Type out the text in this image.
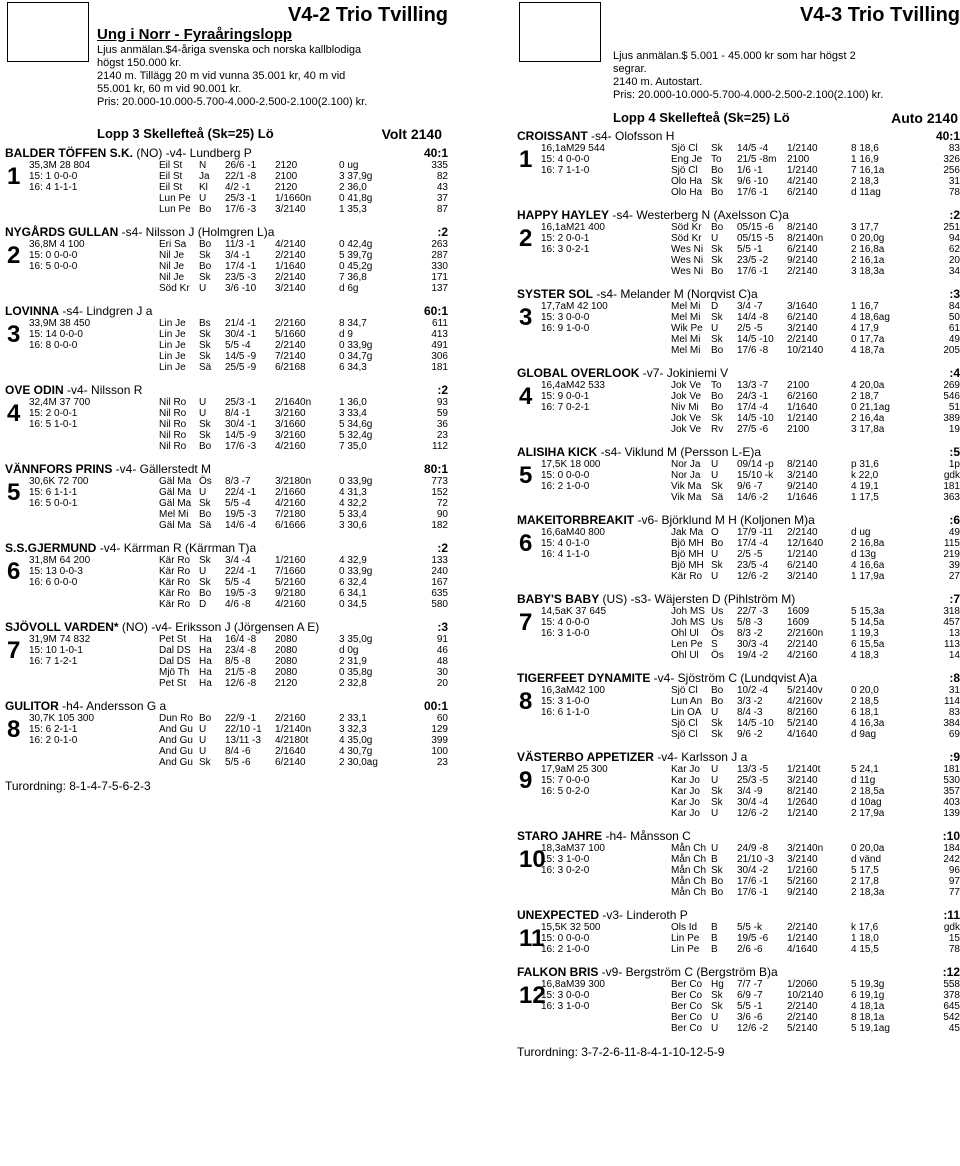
V4-2 Trio Tvilling
Ung i Norr - Fyraåringslopp
Ljus anmälan.$4-åriga svenska och norska kallblodiga
högst 150.000 kr.
2140 m. Tillägg 20 m vid vunna 35.001 kr, 40 m vid
55.001 kr, 60 m vid 90.001 kr.
Pris: 20.000-10.000-5.700-4.000-2.500-2.100(2.100) kr.
Lopp 3 Skellefteå (Sk=25) Lö	Volt 2140
BALDER TÖFFEN S.K. (NO) -v4- Lundberg P	40:1
1 35,3M 28 804	Eil St N 26/6 -1 2120	0 ug	335
15: 1 0-0-0	Eil St Ja 22/1 -8 2100	3 37,9g	82
16: 4 1-1-1	Eil St Kl 4/2 -1 2120	2 36,0	43
Lun Pe U 25/3 -1 1/1660n	0 41,8g	37
Lun Pe Bo 17/6 -3 3/2140	1 35,3	87
NYGÅRDS GULLAN -s4- Nilsson J (Holmgren L)a	:2
2 36,8M 4 100	Eri Sa Bo 11/3 -1 4/2140	0 42,4g	263
15: 0 0-0-0	Nil Je Sk 3/4 -1 2/2140	5 39,7g	287
16: 5 0-0-0	Nil Je Bo 17/4 -1 1/1640	0 45,2g	330
Nil Je Sk 23/5 -3 2/2140	7 36,8	171
Söd Kr U 3/6 -10 3/2140	d 6g	137
LOVINNA -s4- Lindgren J a	60:1
3 33,9M 38 450	Lin Je Bs 21/4 -1 2/2160	8 34,7	611
15: 14 0-0-0	Lin Je Sk 30/4 -1 5/1660	d 9	413
16: 8 0-0-0	Lin Je Sk 5/5 -4 2/2140	0 33,9g	491
Lin Je Sk 14/5 -9 7/2140	0 34,7g	306
Lin Je Sä 25/5 -9 6/2168	6 34,3	181
OVE ODIN -v4- Nilsson R	:2
4 32,4M 37 700	Nil Ro U 25/3 -1 2/1640n	1 36,0	93
15: 2 0-0-1	Nil Ro U 8/4 -1 3/2160	3 33,4	59
16: 5 1-0-1	Nil Ro Sk 30/4 -1 3/1660	5 34,6g	36
Nil Ro Sk 14/5 -9 3/2160	5 32,4g	23
Nil Ro Bo 17/6 -3 4/2160	7 35,0	112
VÄNNFORS PRINS -v4- Gällerstedt M	80:1
5 30,6K 72 700	Gäl Ma Ös 8/3 -7 3/2180n	0 33,9g	773
15: 6 1-1-1	Gäl Ma U 22/4 -1 2/1660	4 31,3	152
16: 5 0-0-1	Gäl Ma Sk 5/5 -4 4/2160	4 32,2	72
Mel Mi Bo 19/5 -3 7/2180	5 33,4	90
Gäl Ma Sä 14/6 -4 6/1666	3 30,6	182
S.S.GJERMUND -v4- Kärrman R (Kärrman T)a	:2
6 31,8M 64 200	Kär Ro Sk 3/4 -4 1/2160	4 32,9	133
15: 13 0-0-3	Kär Ro U 22/4 -1 7/1660	0 33,9g	240
16: 6 0-0-0	Kär Ro Sk 5/5 -4 5/2160	6 32,4	167
Kär Ro Bo 19/5 -3 9/2180	6 34,1	635
Kär Ro D 4/6 -8 4/2160	0 34,5	580
SJÖVOLL VARDEN* (NO) -v4- Eriksson J (Jörgensen A E)	:3
7 31,9M 74 832	Pet St Ha 16/4 -8 2080	3 35,0g	91
15: 10 1-0-1	Dal DS Ha 23/4 -8 2080	d 0g	46
16: 7 1-2-1	Dal DS Ha 8/5 -8 2080	2 31,9	48
Mjö Th Ha 21/5 -8 2080	0 35,8g	30
Pet St Ha 12/6 -8 2120	2 32,8	20
GULITOR -h4- Andersson G a	00:1
8 30,7K 105 300	Dun Ro Bo 22/9 -1 2/2160	2 33,1	60
15: 6 2-1-1	And Gu U 22/10 -1 1/2140n	3 32,3	129
16: 2 0-1-0	And Gu U 13/11 -3 4/2180t	4 35,0g	399
And Gu U 8/4 -6 2/1640	4 30,7g	100
And Gu Sk 5/5 -6 6/2140	2 30,0ag	23
Turordning: 8-1-4-7-5-6-2-3
V4-3 Trio Tvilling
Ljus anmälan.$ 5.001 - 45.000 kr som har högst 2
segrar.
2140 m. Autostart.
Pris: 20.000-10.000-5.700-4.000-2.500-2.100(2.100) kr.
Lopp 4 Skellefteå (Sk=25) Lö	Auto 2140
CROISSANT -s4- Olofsson H	40:1
1 16,1aM29 544	Sjö Cl Sk 14/5 -4 1/2140	8 18,6	83
15: 4 0-0-0	Eng Je To 21/5 -8m 2100	1 16,9	326
16: 7 1-1-0	Sjö Cl Bo 1/6 -1 1/2140	7 16,1a	256
Olo Ha Sk 9/6 -10 4/2140	2 18,3	31
Olo Ha Bo 17/6 -1 6/2140	d 11ag	78
HAPPY HAYLEY -s4- Westerberg N (Axelsson C)a	:2
2 16,1aM21 400	Söd Kr Bo 05/15 -6 8/2140	3 17,7	251
15: 2 0-0-1	Söd Kr U 05/15 -5 8/2140n	0 20,0g	94
16: 3 0-2-1	Wes Ni Sk 5/5 -1 6/2140	2 16,8a	62
Wes Ni Sk 23/5 -2 9/2140	2 16,1a	20
Wes Ni Bo 17/6 -1 2/2140	3 18,3a	34
SYSTER SOL -s4- Melander M (Norqvist C)a	:3
3 17,7aM 42 100	Mel Mi D 3/4 -7 3/1640	1 16,7	84
15: 3 0-0-0	Mel Mi Sk 14/4 -8 6/2140	4 18,6ag	50
16: 9 1-0-0	Wik Pe U 2/5 -5 3/2140	4 17,9	61
Mel Mi Sk 14/5 -10 2/2140	0 17,7a	49
Mel Mi Bo 17/6 -8 10/2140	4 18,7a	205
GLOBAL OVERLOOK -v7- Jokiniemi V	:4
4 16,4aM42 533	Jok Ve To 13/3 -7 2100	4 20,0a	269
15: 9 0-0-1	Jok Ve Bo 24/3 -1 6/2160	2 18,7	546
16: 7 0-2-1	Niv Mi Bo 17/4 -4 1/1640	0 21,1ag	51
Jok Ve Sk 14/5 -10 1/2140	2 16,4a	389
Jok Ve Rv 27/5 -6 2100	3 17,8a	19
ALISIHA KICK -s4- Viklund M (Persson L-E)a	:5
5 17,5K 18 000	Nor Ja U 09/14 -p 8/2140	p 31,6	1p
15: 0 0-0-0	Nor Ja U 15/10 -k 3/2140	k 22,0	gdk
16: 2 1-0-0	Vik Ma Sk 9/6 -7 9/2140	4 19,1	181
Vik Ma Sä 14/6 -2 1/1646	1 17,5	363
MAKEITORBREAKIT -v6- Björklund M H (Koljonen M)a	:6
6 16,6aM40 800	Jak Ma O 17/9 -11 2/2140	d ug	49
15: 4 0-1-0	Bjö MH Bo 17/4 -4 12/1640	2 16,8a	115
16: 4 1-1-0	Bjö MH U 2/5 -5 1/2140	d 13g	219
Bjö MH Sk 23/5 -4 6/2140	4 16,6a	39
Kär Ro U 12/6 -2 3/2140	1 17,9a	27
BABY'S BABY (US) -s3- Wäjersten D (Pihlström M)	:7
7 14,5aK 37 645	Joh MS Us 22/7 -3 1609	5 15,3a	318
15: 4 0-0-0	Joh MS Us 5/8 -3 1609	5 14,5a	457
16: 3 1-0-0	Ohl Ul Ös 8/3 -2 2/2160n	1 19,3	13
Len Pe S 30/3 -4 2/2140	6 15,5a	113
Ohl Ul Ös 19/4 -2 4/2160	4 18,3	14
TIGERFEET DYNAMITE -v4- Sjöström C (Lundqvist A)a	:8
8 16,3aM42 100	Sjö Cl Bo 10/2 -4 5/2140v	0 20,0	31
15: 3 1-0-0	Lun An Bo 3/3 -2 4/2160v	2 18,5	114
16: 6 1-1-0	Lin OA U 8/4 -3 8/2160	6 18,1	83
Sjö Cl Sk 14/5 -10 5/2140	4 16,3a	384
Sjö Cl Sk 9/6 -2 4/1640	d 9ag	69
VÄSTERBO APPETIZER -v4- Karlsson J a	:9
9 17,9aM 25 300	Kar Jo U 13/3 -5 1/2140t	5 24,1	181
15: 7 0-0-0	Kar Jo U 25/3 -5 3/2140	d 11g	530
16: 5 0-2-0	Kar Jo Sk 3/4 -9 8/2140	2 18,5a	357
Kar Jo Sk 30/4 -4 1/2640	d 10ag	403
Kar Jo U 12/6 -2 1/2140	2 17,9a	139
STARO JAHRE -h4- Månsson C	:10
10
18,3aM37 100	Mån Ch U 24/9 -8 3/2140n	0 20,0a	184
15: 3 1-0-0	Mån Ch B 21/10 -3 3/2140	d vänd	242
16: 3 0-2-0	Mån Ch Sk 30/4 -2 1/2160	5 17,5	96
Mån Ch Bo 17/6 -1 5/2160	2 17,8	97
Mån Ch Bo 17/6 -1 9/2140	2 18,3a	77
UNEXPECTED -v3- Linderoth P	:11
11
15,5K 32 500	Ols Id B 5/5 -k 2/2140	k 17,6	gdk
15: 0 0-0-0	Lin Pe B 19/5 -6 1/2140	1 18,0	15
16: 2 1-0-0	Lin Pe B 2/6 -6 4/1640	4 15,5	78
FALKON BRIS -v9- Bergström C (Bergström B)a	:12
12
16,8aM39 300	Ber Co Hg 7/7 -7 1/2060	5 19,3g	558
15: 3 0-0-0	Ber Co Sk 6/9 -7 10/2140	6 19,1g	378
16: 3 1-0-0	Ber Co Sk 5/5 -1 2/2140	4 18,1a	645
Ber Co U 3/6 -6 2/2140	8 18,1a	542
Ber Co U 12/6 -2 5/2140	5 19,1ag	45
Turordning: 3-7-2-6-11-8-4-1-10-12-5-9
